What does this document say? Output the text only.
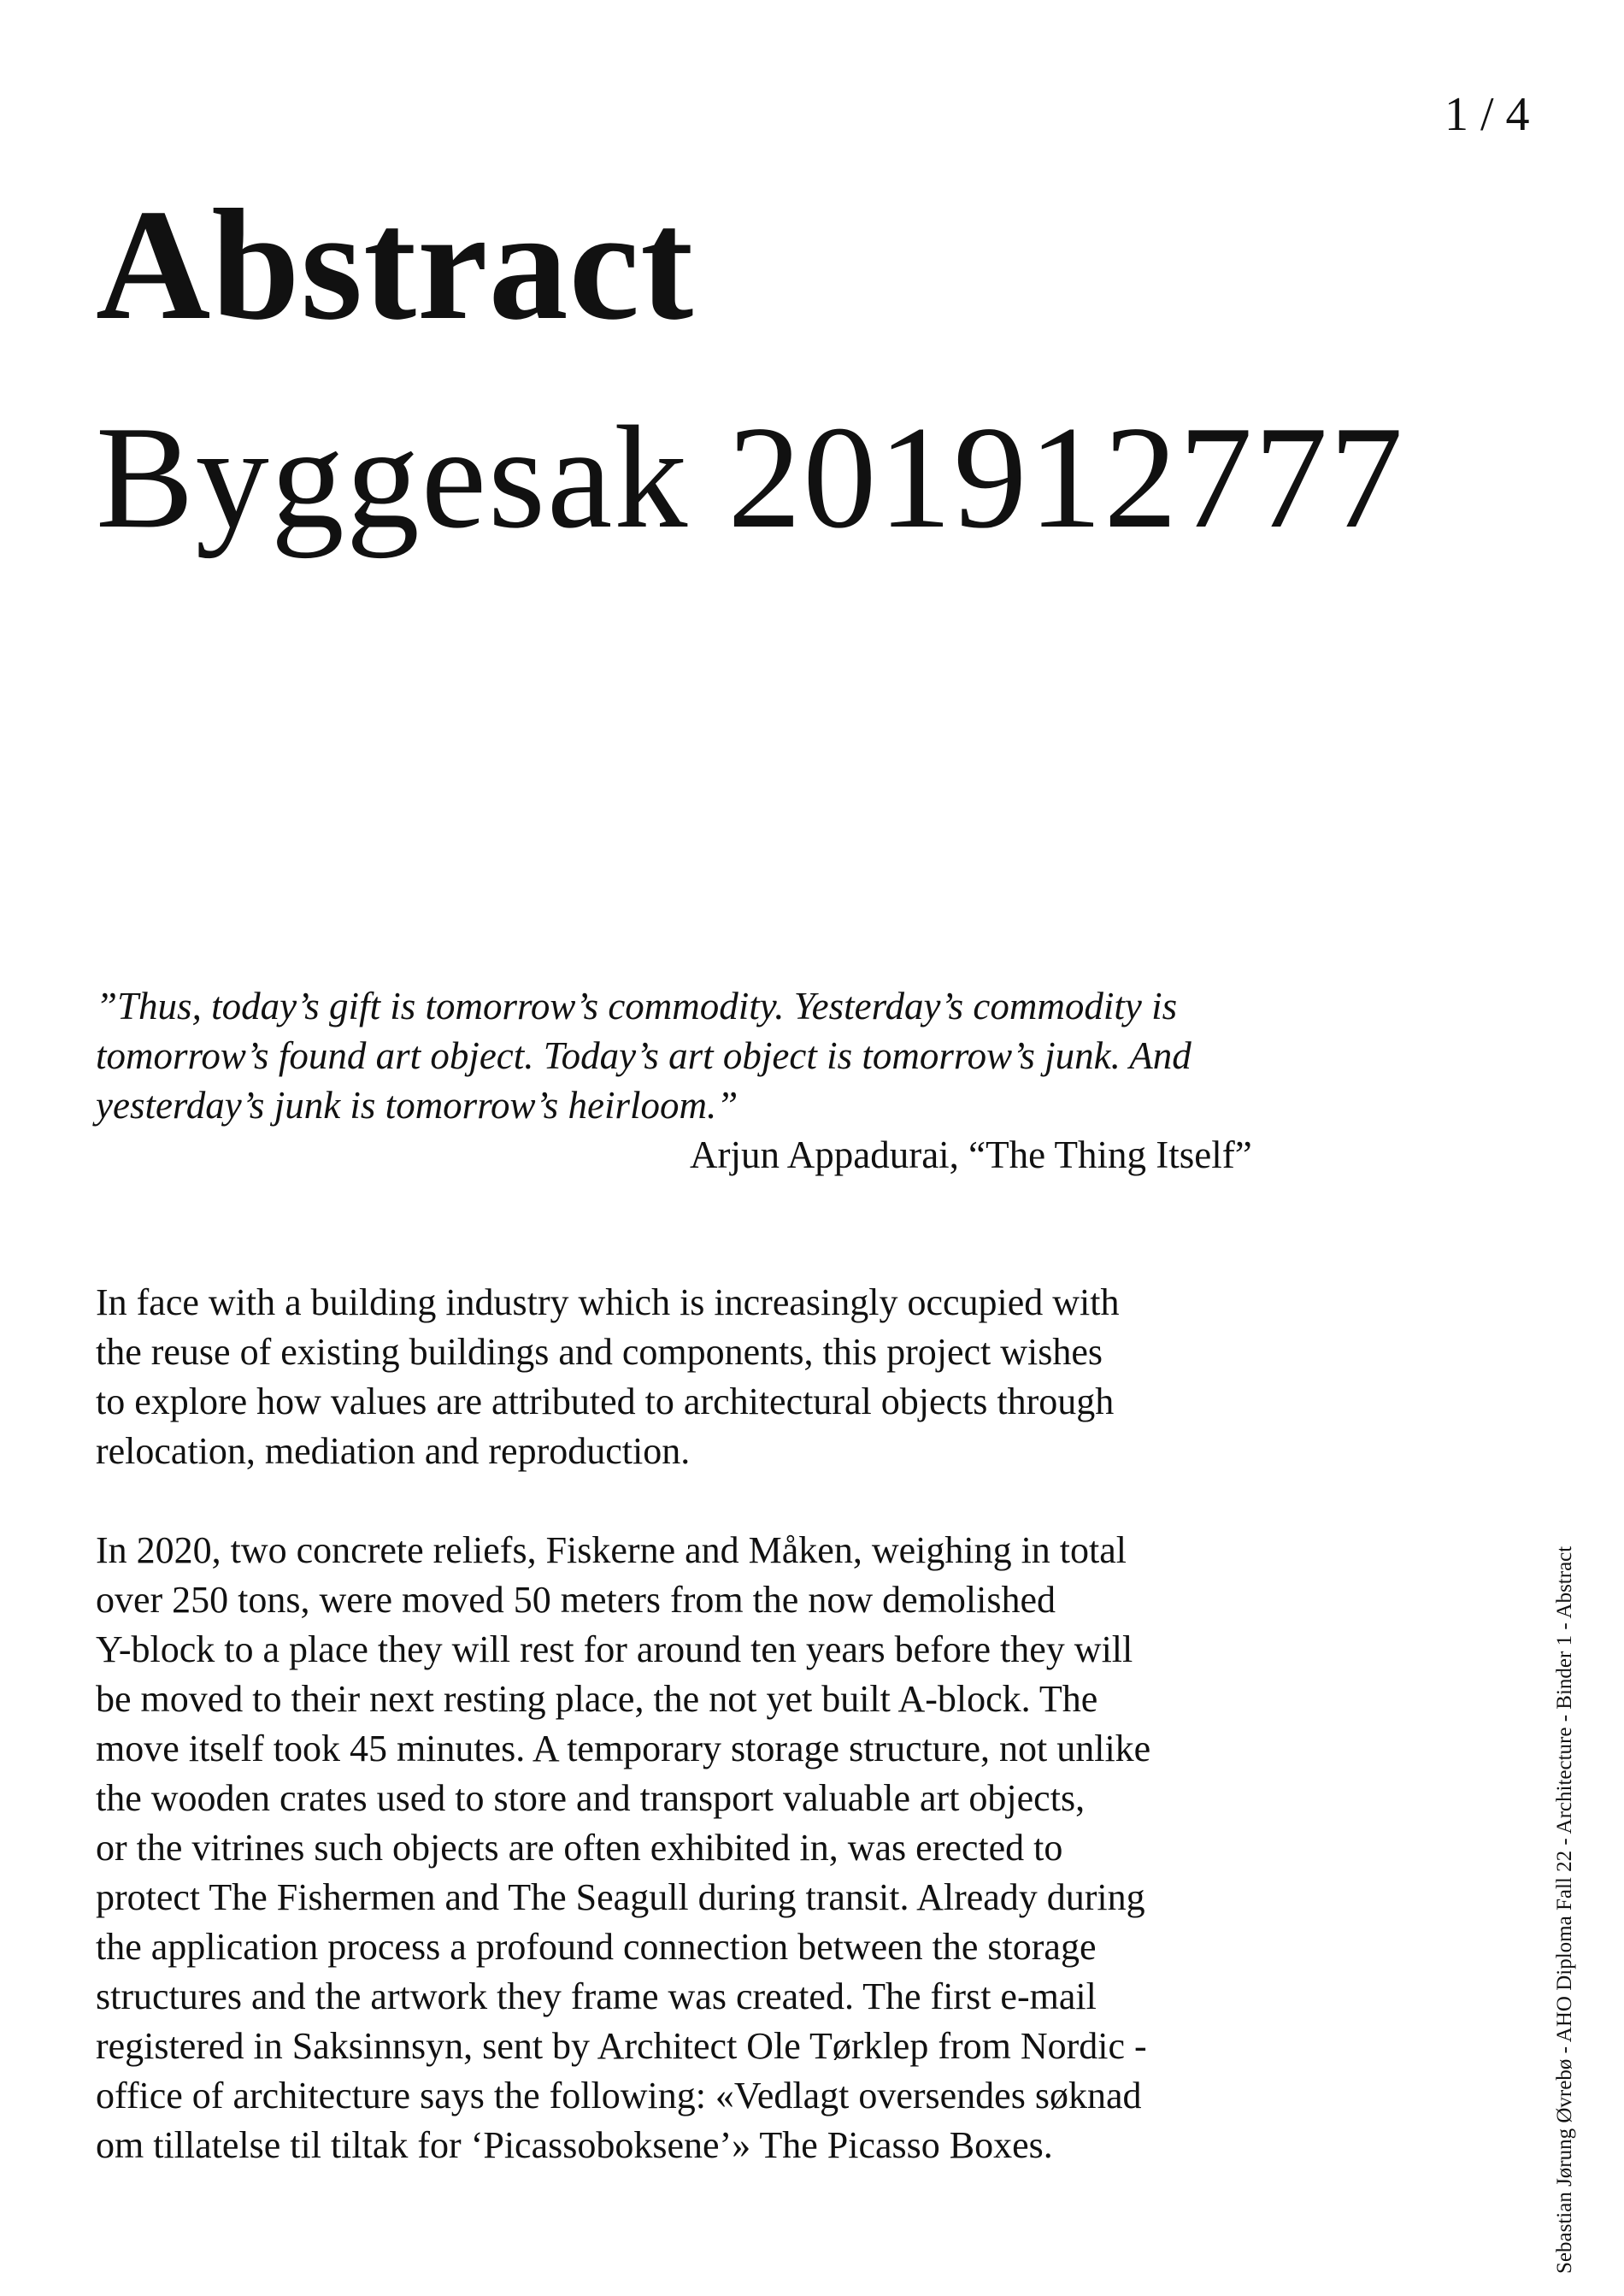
Abstract
1 / 4
Byggesak 201912777
”Thus, today’s gift is tomorrow’s commodity. Yesterday’s commodity is
tomorrow’s found art object. Today’s art object is tomorrow’s junk. And
yesterday’s junk is tomorrow’s heirloom.”
Arjun Appadurai, “The Thing Itself”
In face with a building industry which is increasingly occupied with
the reuse of existing buildings and components, this project wishes
to explore how values are attributed to architectural objects through
relocation, mediation and reproduction.
In 2020, two concrete reliefs, Fiskerne and Måken, weighing in total
over 250 tons, were moved 50 meters from the now demolished
Y-block to a place they will rest for around ten years before they will
be moved to their next resting place, the not yet built A-block. The
move itself took 45 minutes. A temporary storage structure, not unlike
the wooden crates used to store and transport valuable art objects,
or the vitrines such objects are often exhibited in, was erected to
protect The Fishermen and The Seagull during transit. Already during
the application process a profound connection between the storage
structures and the artwork they frame was created. The first e-mail
registered in Saksinnsyn, sent by Architect Ole Tørklep from Nordic -
office of architecture says the following: «Vedlagt oversendes søknad
om tillatelse til tiltak for ‘Picassoboksene’» The Picasso Boxes.	Sebastian Jørung Øvrebø - AHO Diploma Fall 22 - Architecture - Binder 1 - Abstract
